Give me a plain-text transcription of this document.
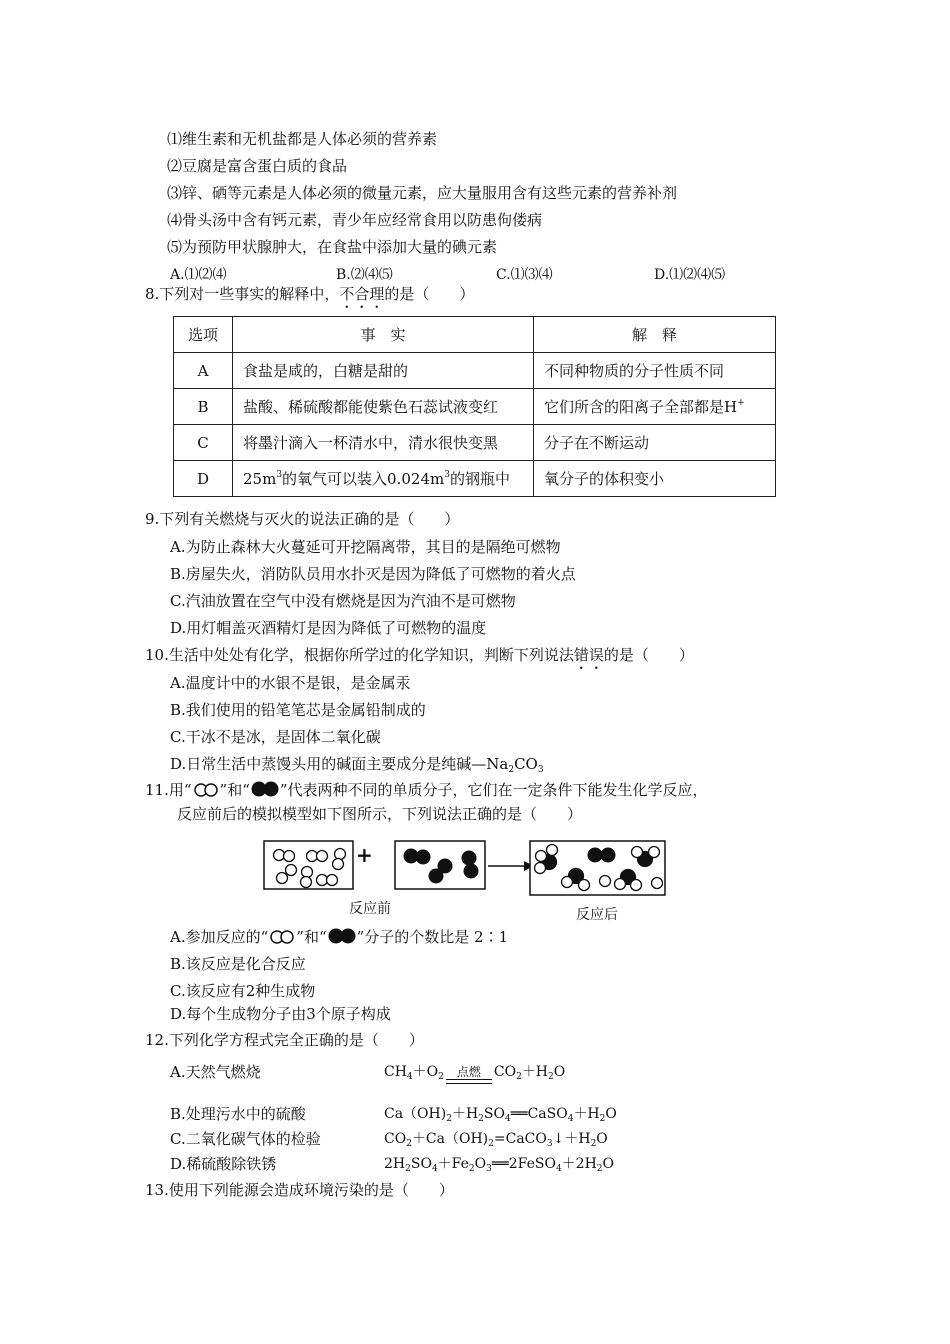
⑴维生素和无机盐都是人体必须的营养素
⑵豆腐是富含蛋白质的食品
⑶锌、硒等元素是人体必须的微量元素，应大量服用含有这些元素的营养补剂
⑷骨头汤中含有钙元素，青少年应经常食用以防患佝偻病
⑸为预防甲状腺肿大，在食盐中添加大量的碘元素
A.⑴⑵⑷	B.⑵⑷⑸	C.⑴⑶⑷	D.⑴⑵⑷⑸
8.下列对一些事实的解释中，不合理的是（　　）
选项	事　实	解　释
A	食盐是咸的，白糖是甜的	不同种物质的分子性质不同
B	盐酸、稀硫酸都能使紫色石蕊试液变红	它们所含的阳离子全部都是H+
C	将墨汁滴入一杯清水中，清水很快变黑	分子在不断运动
D	$25m^3$的氧气可以装入$0.024m^3$的钢瓶中	氧分子的体积变小
9.下列有关燃烧与灭火的说法正确的是（　　）
A.为防止森林大火蔓延可开挖隔离带，其目的是隔绝可燃物
B.房屋失火，消防队员用水扑灭是因为降低了可燃物的着火点
C.汽油放置在空气中没有燃烧是因为汽油不是可燃物
D.用灯帽盖灭酒精灯是因为降低了可燃物的温度
10.生活中处处有化学，根据你所学过的化学知识，判断下列说法错误的是（　　）
A.温度计中的水银不是银，是金属汞
B.我们使用的铅笔笔芯是金属铅制成的
C.干冰不是冰，是固体二氧化碳
D.日常生活中蒸馒头用的碱面主要成分是纯碱$—Na_2CO_3$
11.用“ ”和“ ”代表两种不同的单质分子，它们在一定条件下能发生化学反应，
反应前后的模拟模型如下图所示，下列说法正确的是（　　）
+
反应前	反应后
A.参加反应的“ ”和“ ”分子的个数比是 2∶1
B.该反应是化合反应
C.该反应有2种生成物
D.每个生成物分子由3个原子构成
12.下列化学方程式完全正确的是（　　）
A.天然气燃烧	$CH_4+O_2$ 点燃 $CO_2+H_2O$
B.处理污水中的硫酸	$Ca(OH)_2+H_2SO_4══CaSO_4+H_2O$
C.二氧化碳气体的检验	$CO_2+Ca(OH)_2=CaCO_3↓+H_2O$
D.稀硫酸除铁锈	$2H_2SO_4+Fe_2O_3══2FeSO_4+2H_2O$
13.使用下列能源会造成环境污染的是（　　）
